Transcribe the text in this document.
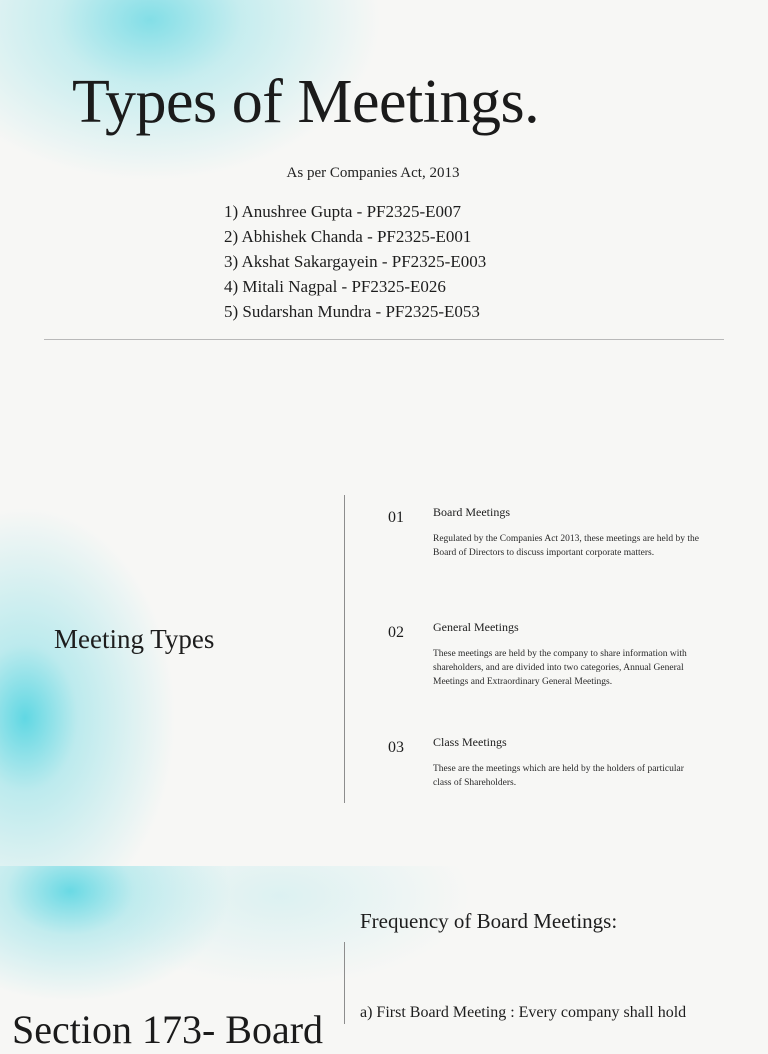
Types of Meetings.
As per Companies Act, 2013
1) Anushree Gupta - PF2325-E007
2) Abhishek Chanda - PF2325-E001
3) Akshat Sakargayein - PF2325-E003
4) Mitali Nagpal - PF2325-E026
5) Sudarshan Mundra - PF2325-E053
Meeting Types
01 Board Meetings
Regulated by the Companies Act 2013, these meetings are held by the Board of Directors to discuss important corporate matters.
02 General Meetings
These meetings are held by the company to share information with shareholders, and are divided into two categories, Annual General Meetings and Extraordinary General Meetings.
03 Class Meetings
These are the meetings which are held by the holders of particular class of Shareholders.
Section 173- Board
Frequency of Board Meetings:
a) First Board Meeting : Every company shall hold
